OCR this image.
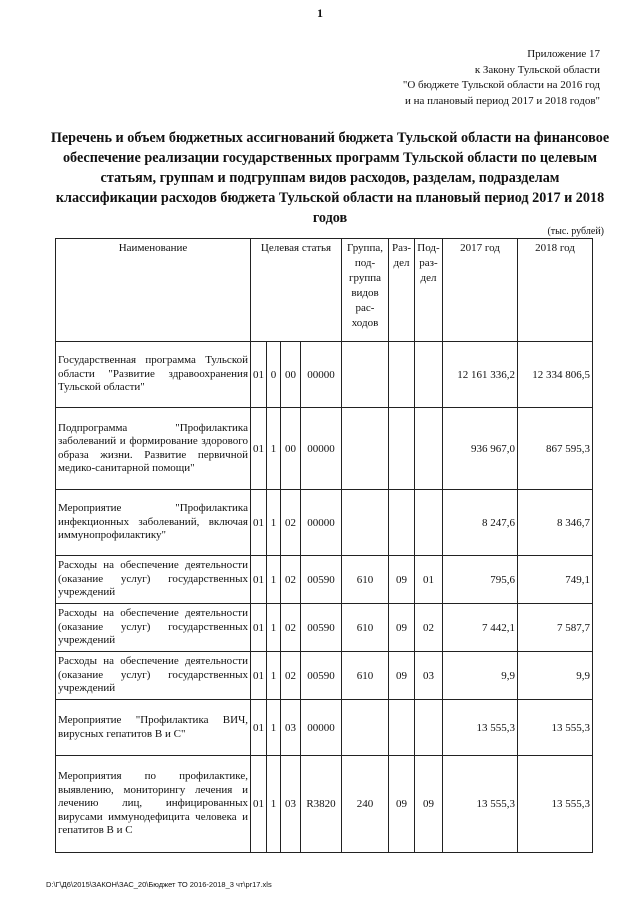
1
Приложение 17
к Закону Тульской области
"О бюджете Тульской области на 2016 год
и на плановый период 2017 и 2018 годов"
Перечень и объем бюджетных ассигнований бюджета Тульской области на финансовое обеспечение реализации государственных программ Тульской области по целевым статьям, группам и подгруппам видов расходов, разделам, подразделам классификации расходов бюджета Тульской области на плановый период 2017 и 2018 годов
(тыс. рублей)
Наименование	Целевая статья				Группа, под- группа видов рас- ходов	Раз- дел	Под- раз- дел	2017 год	2018 год
Государственная программа Тульской области "Развитие здравоохранения Тульской области"	01	0	00	00000				12 161 336,2	12 334 806,5
Подпрограмма "Профилактика заболеваний и формирование здорового образа жизни. Развитие первичной медико-санитарной помощи"	01	1	00	00000				936 967,0	867 595,3
Мероприятие "Профилактика инфекционных заболеваний, включая иммунопрофилактику"	01	1	02	00000				8 247,6	8 346,7
Расходы на обеспечение деятельности (оказание услуг) государственных учреждений	01	1	02	00590	610	09	01	795,6	749,1
Расходы на обеспечение деятельности (оказание услуг) государственных учреждений	01	1	02	00590	610	09	02	7 442,1	7 587,7
Расходы на обеспечение деятельности (оказание услуг) государственных учреждений	01	1	02	00590	610	09	03	9,9	9,9
Мероприятие "Профилактика ВИЧ, вирусных гепатитов В и С"	01	1	03	00000				13 555,3	13 555,3
Мероприятия по профилактике, выявлению, мониторингу лечения и лечению лиц, инфицированных вирусами иммунодефицита человека и гепатитов В и С	01	1	03	R3820	240	09	09	13 555,3	13 555,3
D:\Г\Д6\2015\ЗАКОН\ЗАС_20\Бюджет ТО 2016-2018_3 чт\pr17.xls
